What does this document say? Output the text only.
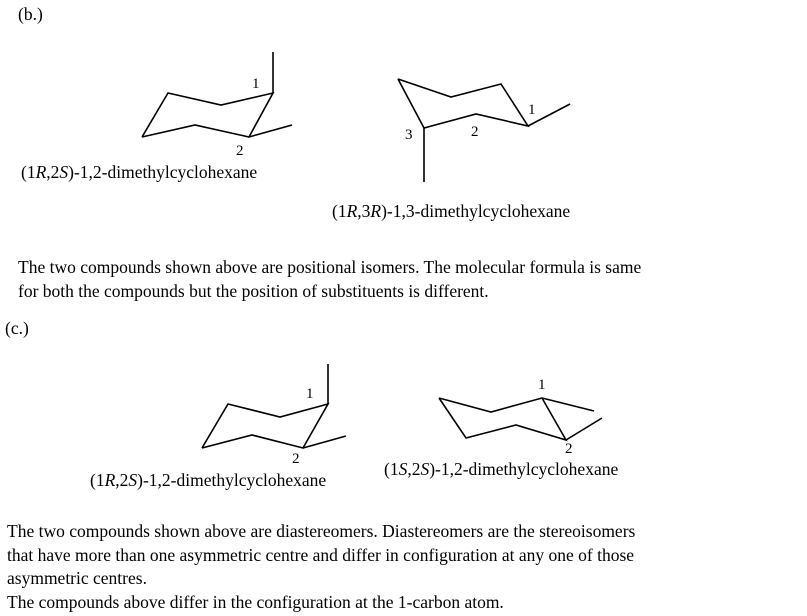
(b.)
1
2
(1R,2S)-1,2-dimethylcyclohexane
3	2
1
(1R,3R)-1,3-dimethylcyclohexane
The two compounds shown above are positional isomers. The molecular formula is same
for both the compounds but the position of substituents is different.
(c.)
1
2
(1R,2S)-1,2-dimethylcyclohexane
1
2
(1S,2S)-1,2-dimethylcyclohexane
The two compounds shown above are diastereomers. Diastereomers are the stereoisomers
that have more than one asymmetric centre and differ in configuration at any one of those
asymmetric centres.
The compounds above differ in the configuration at the 1-carbon atom.
